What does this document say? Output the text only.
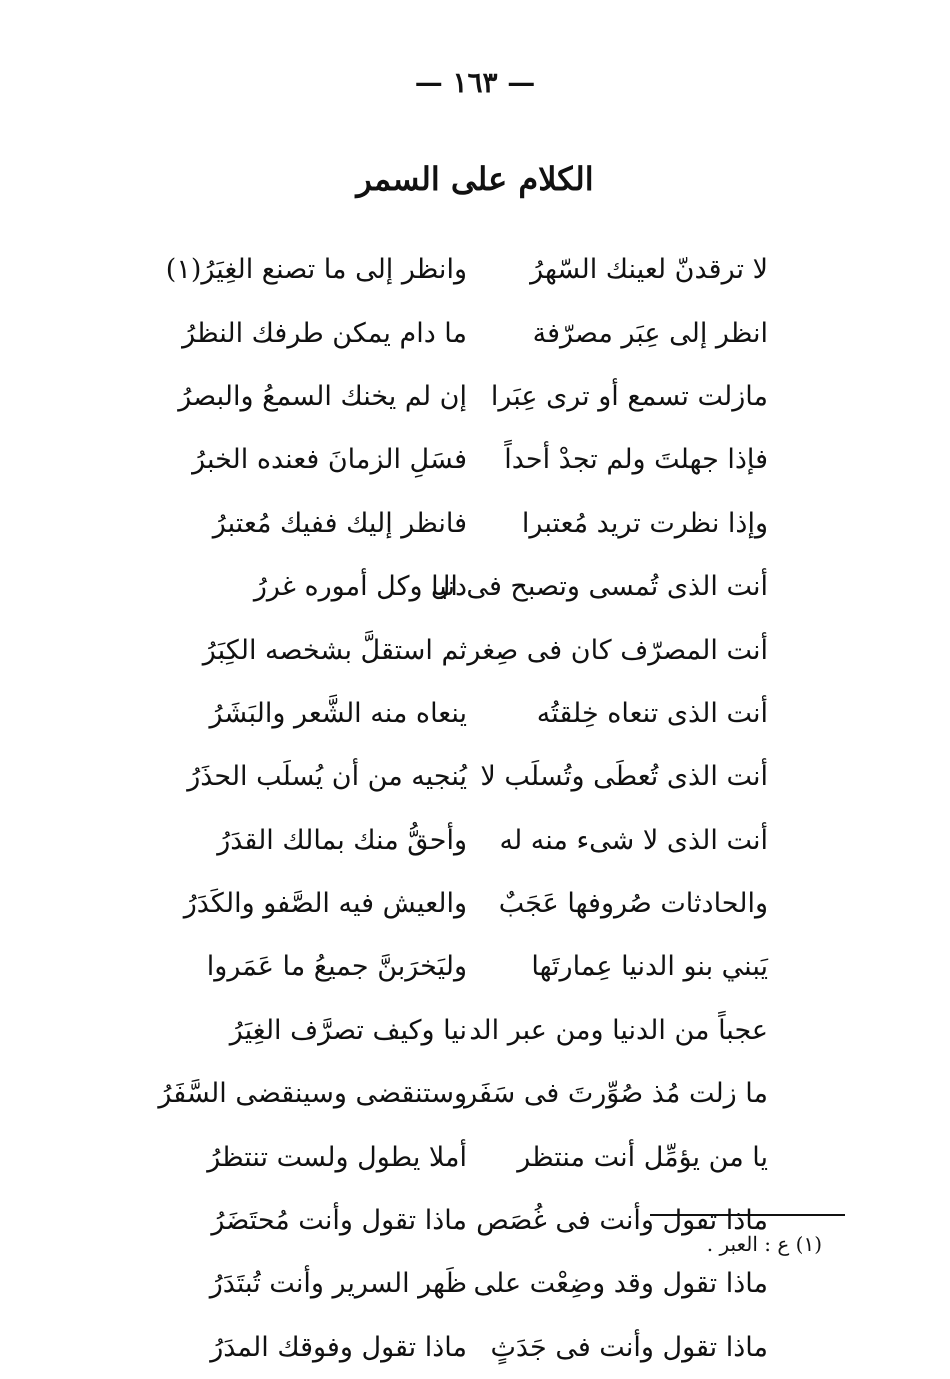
— ١٦٣ —
الكلام على السمر
لا ترقدنّ لعينك السّهرُ
وانظر إلى ما تصنع الغِيَرُ(١)
انظر إلى عِبَر مصرّفة
ما دام يمكن طرفك النظرُ
مازلت تسمع أو ترى عِبَرا
إن لم يخنك السمعُ والبصرُ
فإذا جهلتَ ولم تجدْ أحداً
فسَلِ الزمانَ فعنده الخبرُ
وإذا نظرت تريد مُعتبرا
فانظر إليك ففيك مُعتبرُ
أنت الذى تُمسى وتصبح فى ال
دنيا وكل أموره غررُ
أنت المصرّف كان فى صِغر
ثم استقلَّ بشخصه الكِبَرُ
أنت الذى تنعاه خِلقتُه
ينعاه منه الشَّعر والبَشَرُ
أنت الذى تُعطَى وتُسلَب لا
يُنجيه من أن يُسلَب الحذَرُ
أنت الذى لا شىء منه له
وأحقُّ منك بمالك القدَرُ
والحادثات صُروفها عَجَبٌ
والعيش فيه الصَّفو والكَدَرُ
يَبني بنو الدنيا عِمارتَها
وليَخرَبنَّ جميعُ ما عَمَروا
عجباً من الدنيا ومن عبر الد
نيا وكيف تصرَّف الغِيَرُ
ما زلت مُذ صُوِّرتَ فى سَفَر
وستنقضى وسينقضى السَّفَرُ
يا من يؤمِّل أنت منتظر
أملا يطول ولست تنتظرُ
ماذا تقول وأنت فى غُصَص
ماذا تقول وأنت مُحتَضَرُ
ماذا تقول وقد وضِعْت على
ظَهر السرير وأنت تُبتَدَرُ
ماذا تقول وأنت فى جَدَثٍ
ماذا تقول وفوقك المدَرُ
(١) ع : العبر .
